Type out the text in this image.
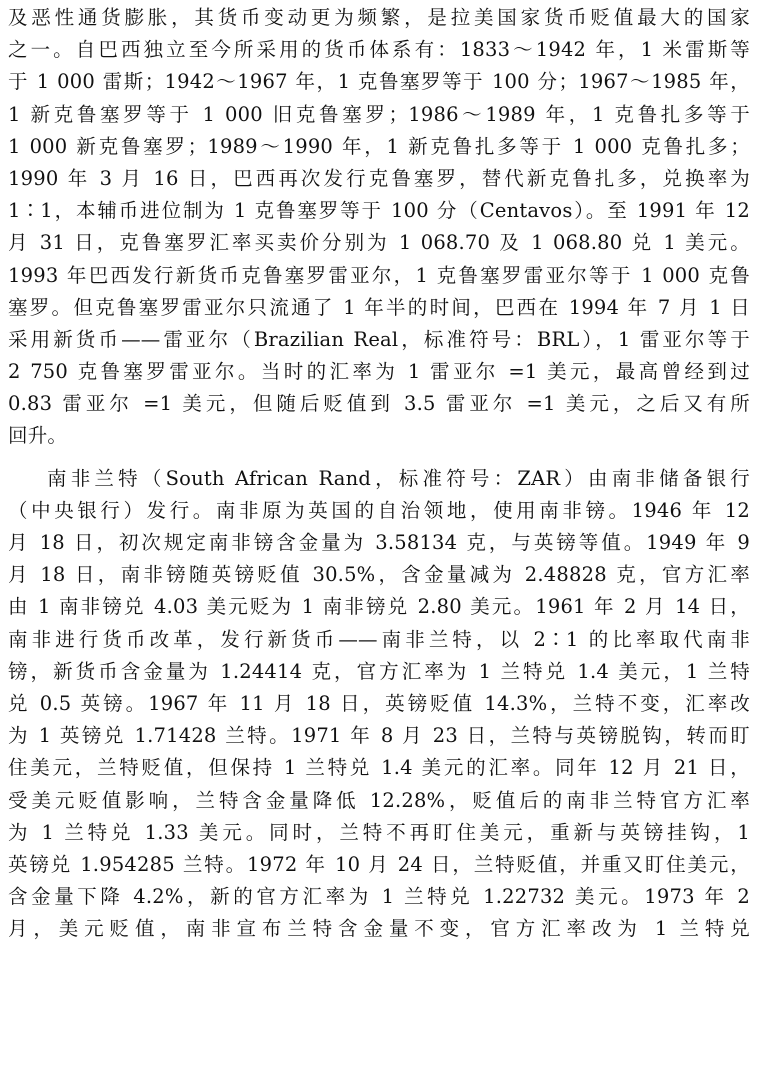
及恶性通货膨胀，其货币变动更为频繁，是拉美国家货币贬值最大的国家
之一。自巴西独立至今所采用的货币体系有：1833～1942 年，1 米雷斯等
于 1 000 雷斯；1942～1967 年，1 克鲁塞罗等于 100 分；1967～1985 年，
1 新克鲁塞罗等于 1 000 旧克鲁塞罗；1986～1989 年，1 克鲁扎多等于
1 000 新克鲁塞罗；1989～1990 年，1 新克鲁扎多等于 1 000 克鲁扎多；
1990 年 3 月 16 日，巴西再次发行克鲁塞罗，替代新克鲁扎多，兑换率为
1∶1，本辅币进位制为 1 克鲁塞罗等于 100 分（Centavos）。至 1991 年 12
月 31 日，克鲁塞罗汇率买卖价分别为 1 068.70 及 1 068.80 兑 1 美元。
1993 年巴西发行新货币克鲁塞罗雷亚尔，1 克鲁塞罗雷亚尔等于 1 000 克鲁
塞罗。但克鲁塞罗雷亚尔只流通了 1 年半的时间，巴西在 1994 年 7 月 1 日
采用新货币——雷亚尔（Brazilian Real，标准符号：BRL），1 雷亚尔等于
2 750 克鲁塞罗雷亚尔。当时的汇率为 1 雷亚尔 =1 美元，最高曾经到过
0.83 雷亚尔 =1 美元，但随后贬值到 3.5 雷亚尔 =1 美元，之后又有所
回升。
南非兰特（South African Rand，标准符号：ZAR）由南非储备银行
（中央银行）发行。南非原为英国的自治领地，使用南非镑。1946 年 12
月 18 日，初次规定南非镑含金量为 3.58134 克，与英镑等值。1949 年 9
月 18 日，南非镑随英镑贬值 30.5%，含金量减为 2.48828 克，官方汇率
由 1 南非镑兑 4.03 美元贬为 1 南非镑兑 2.80 美元。1961 年 2 月 14 日，
南非进行货币改革，发行新货币——南非兰特，以 2∶1 的比率取代南非
镑，新货币含金量为 1.24414 克，官方汇率为 1 兰特兑 1.4 美元，1 兰特
兑 0.5 英镑。1967 年 11 月 18 日，英镑贬值 14.3%，兰特不变，汇率改
为 1 英镑兑 1.71428 兰特。1971 年 8 月 23 日，兰特与英镑脱钩，转而盯
住美元，兰特贬值，但保持 1 兰特兑 1.4 美元的汇率。同年 12 月 21 日，
受美元贬值影响，兰特含金量降低 12.28%，贬值后的南非兰特官方汇率
为 1 兰特兑 1.33 美元。同时，兰特不再盯住美元，重新与英镑挂钩，1
英镑兑 1.954285 兰特。1972 年 10 月 24 日，兰特贬值，并重又盯住美元，
含金量下降 4.2%，新的官方汇率为 1 兰特兑 1.22732 美元。1973 年 2
月，美元贬值，南非宣布兰特含金量不变，官方汇率改为 1 兰特兑
